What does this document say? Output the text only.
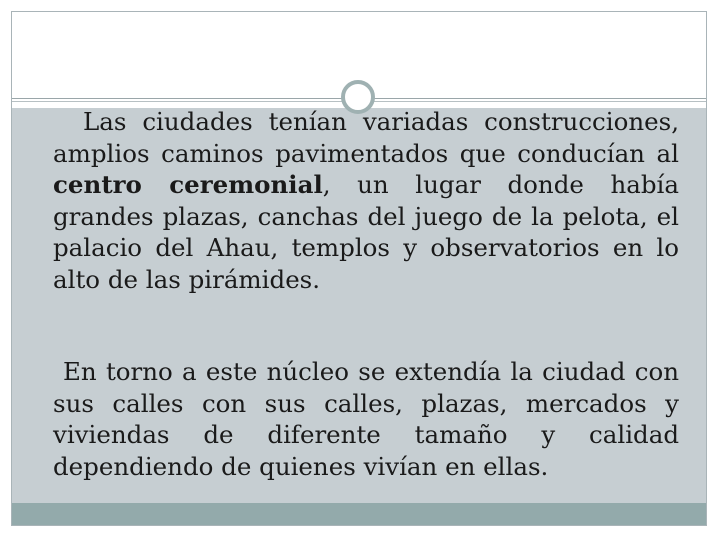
Las ciudades tenían variadas construcciones, amplios caminos pavimentados que conducían al centro ceremonial, un lugar donde había grandes plazas, canchas del juego de la pelota, el palacio del Ahau, templos y observatorios en lo alto de las pirámides.

En torno a este núcleo se extendía la ciudad con sus calles con sus calles, plazas, mercados y viviendas de diferente tamaño y calidad dependiendo de quienes vivían en ellas.
